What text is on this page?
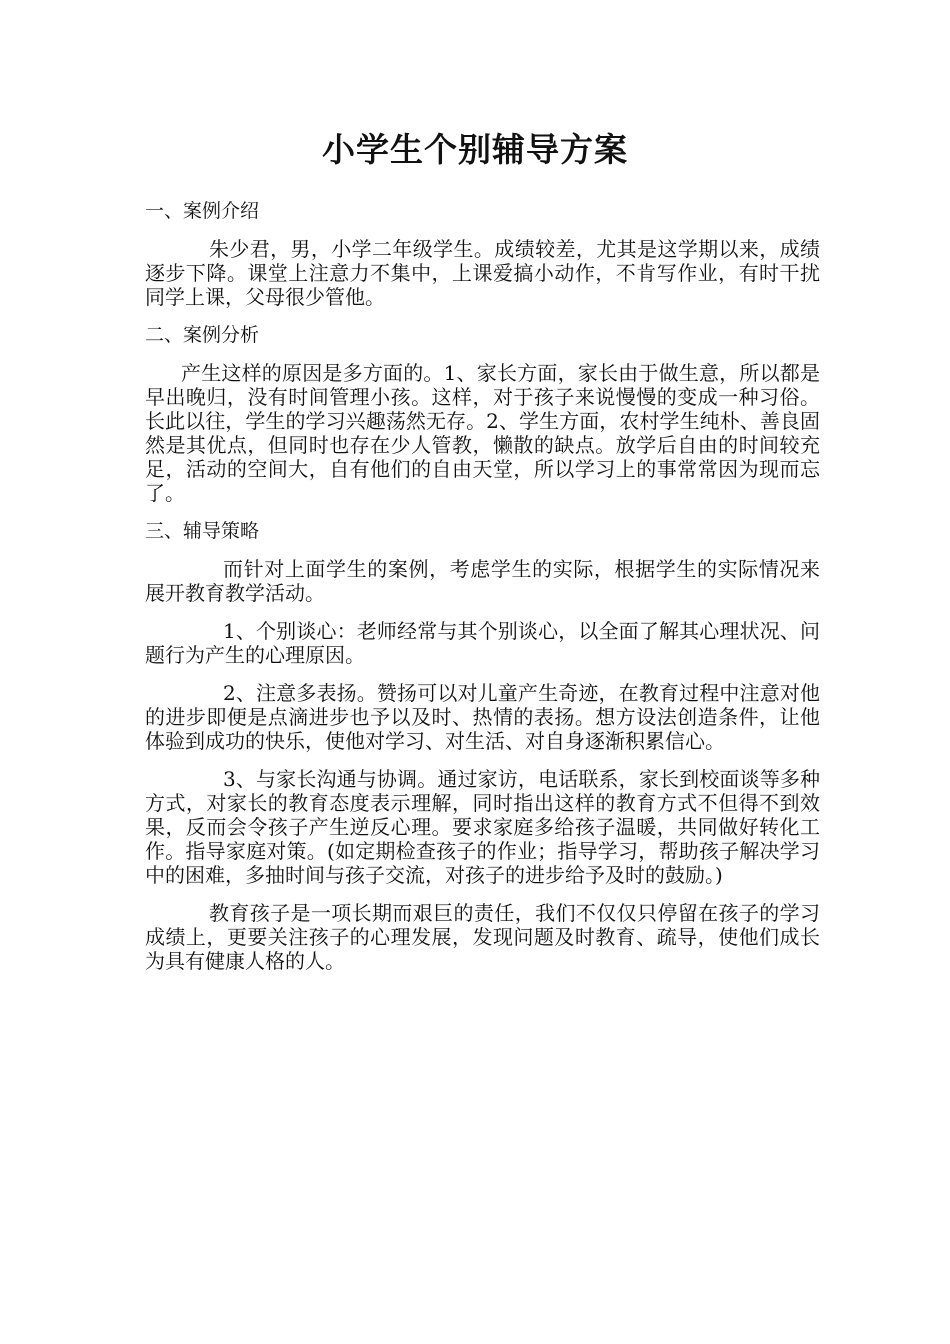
小学生个别辅导方案
一、案例介绍

朱少君，男，小学二年级学生。成绩较差，尤其是这学期以来，成绩逐步下降。课堂上注意力不集中，上课爱搞小动作，不肯写作业，有时干扰同学上课，父母很少管他。

二、案例分析

产生这样的原因是多方面的。1、家长方面，家长由于做生意，所以都是早出晚归，没有时间管理小孩。这样，对于孩子来说慢慢的变成一种习俗。长此以往，学生的学习兴趣荡然无存。2、学生方面，农村学生纯朴、善良固然是其优点，但同时也存在少人管教，懒散的缺点。放学后自由的时间较充足，活动的空间大，自有他们的自由天堂，所以学习上的事常常因为现而忘了。

三、辅导策略

而针对上面学生的案例，考虑学生的实际，根据学生的实际情况来展开教育教学活动。

1、个别谈心：老师经常与其个别谈心，以全面了解其心理状况、问题行为产生的心理原因。

2、注意多表扬。赞扬可以对儿童产生奇迹，在教育过程中注意对他的进步即便是点滴进步也予以及时、热情的表扬。想方设法创造条件，让他体验到成功的快乐，使他对学习、对生活、对自身逐渐积累信心。

3、与家长沟通与协调。通过家访，电话联系，家长到校面谈等多种方式，对家长的教育态度表示理解，同时指出这样的教育方式不但得不到效果，反而会令孩子产生逆反心理。要求家庭多给孩子温暖，共同做好转化工作。指导家庭对策。(如定期检查孩子的作业；指导学习，帮助孩子解决学习中的困难，多抽时间与孩子交流，对孩子的进步给予及时的鼓励。)

教育孩子是一项长期而艰巨的责任，我们不仅仅只停留在孩子的学习成绩上，更要关注孩子的心理发展，发现问题及时教育、疏导，使他们成长为具有健康人格的人。
